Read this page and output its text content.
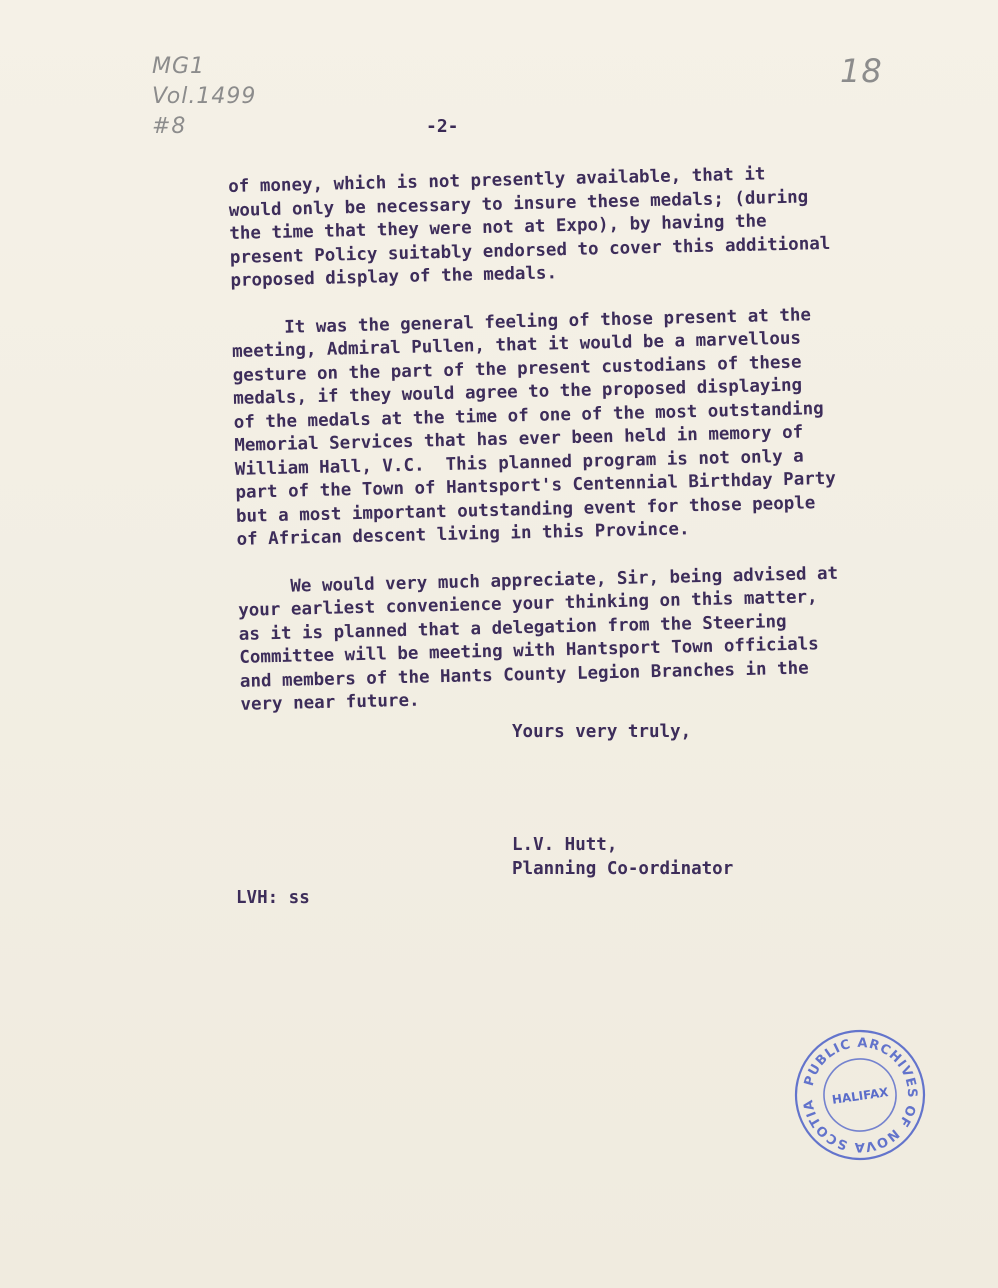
MG1
Vol.1499
#8
18
-2-

of money, which is not presently available, that it
would only be necessary to insure these medals; (during
the time that they were not at Expo), by having the
present Policy suitably endorsed to cover this additional
proposed display of the medals.

It was the general feeling of those present at the
meeting, Admiral Pullen, that it would be a marvellous
gesture on the part of the present custodians of these
medals, if they would agree to the proposed displaying
of the medals at the time of one of the most outstanding
Memorial Services that has ever been held in memory of
William Hall, V.C.  This planned program is not only a
part of the Town of Hantsport's Centennial Birthday Party
but a most important outstanding event for those people
of African descent living in this Province.

We would very much appreciate, Sir, being advised at
your earliest convenience your thinking on this matter,
as it is planned that a delegation from the Steering
Committee will be meeting with Hantsport Town officials
and members of the Hants County Legion Branches in the
very near future.

Yours very truly,
L.V. Hutt,
Planning Co-ordinator
LVH: ss
PUBLIC ARCHIVES OF NOVA SCOTIA	HALIFAX
